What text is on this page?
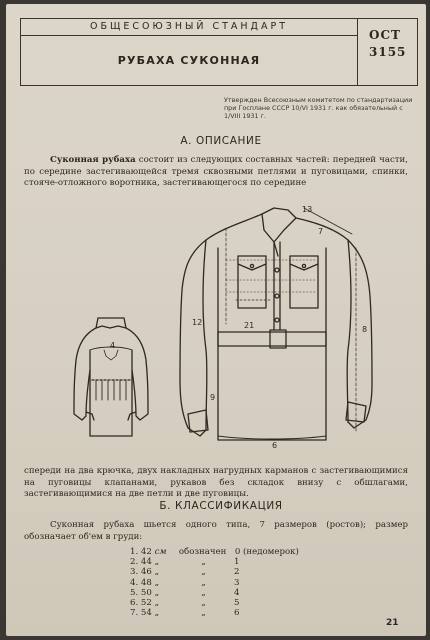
ОБЩЕСОЮЗНЫЙ СТАНДАРТ
РУБАХА СУКОННАЯ
ОСТ
3155
Утвержден Всесоюзным комитетом по стандартизации при Госплане СССР 10/VI 1931 г. как обязательный с 1/VIII 1931 г.
А. ОПИСАНИЕ
Суконная рубаха состоит из следующих составных частей: передней части, по середине застегивающейся тремя сквозными петлями и пуговицами, спинки, стояче-отложного воротника, застегивающегося по середине
13
7
8
21
12
4
9
6
спереди на два крючка, двух накладных нагрудных карманов с застегивающимися на пуговицы клапанами, рукавов без складок внизу с обшлагами, застегивающимися на две петли и две пуговицы.
Б. КЛАССИФИКАЦИЯ
Суконная рубаха шьется одного типа, 7 размеров (ростов); размер обозначает об'ем в груди:
1. 42 см	обозначен 0 (недомерок)
2. 44 „	„	1
3. 46 „	„	2
4. 48 „	„	3
5. 50 „	„	4
6. 52 „	„	5
7. 54 „	„	6
21
